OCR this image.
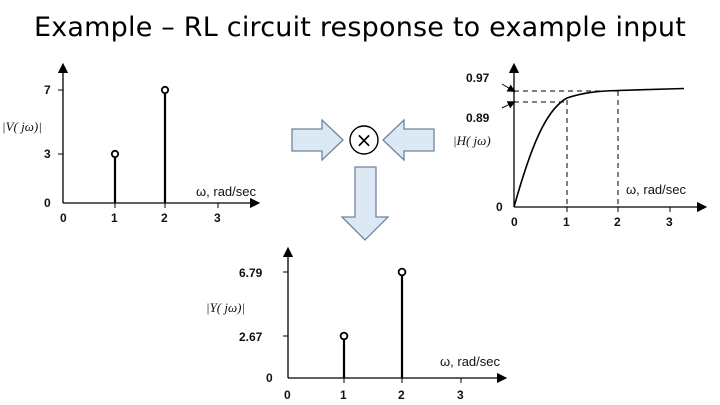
Example – RL circuit response to example input
0
3
7
0	1	2	3
ω, rad/sec
|V( jω)|
0.97
0.89
0
0	1	2	3
ω, rad/sec
|H( jω)
×
6.79
2.67
0
0	1	2	3
ω, rad/sec
|Y( jω)|
